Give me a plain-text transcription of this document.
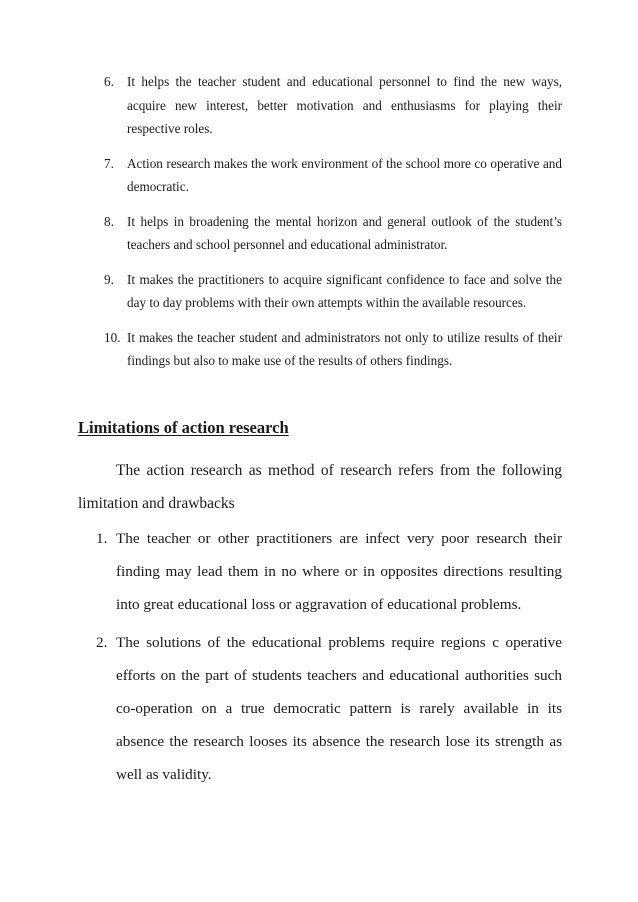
6. It helps the teacher student and educational personnel to find the new ways, acquire new interest, better motivation and enthusiasms for playing their respective roles.
7. Action research makes the work environment of the school more co operative and democratic.
8. It helps in broadening the mental horizon and general outlook of the student’s teachers and school personnel and educational administrator.
9. It makes the practitioners to acquire significant confidence to face and solve the day to day problems with their own attempts within the available resources.
10. It makes the teacher student and administrators not only to utilize results of their findings but also to make use of the results of others findings.
Limitations of action research

The action research as method of research refers from the following limitation and drawbacks

1. The teacher or other practitioners are infect very poor research their finding may lead them in no where or in opposites directions resulting into great educational loss or aggravation of educational problems.
2. The solutions of the educational problems require regions c operative efforts on the part of students teachers and educational authorities such co-operation on a true democratic pattern is rarely available in its absence the research looses its absence the research lose its strength as well as validity.
